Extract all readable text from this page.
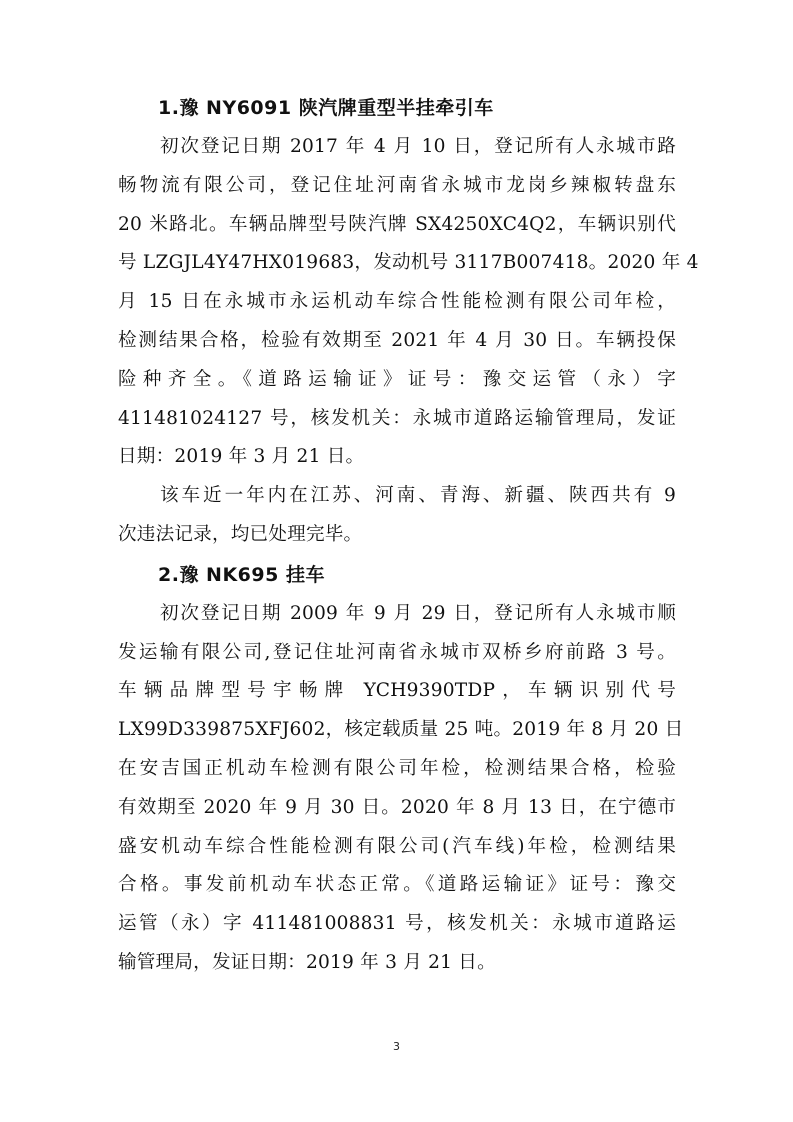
1.豫 NY6091 陕汽牌重型半挂牵引车
初次登记日期 2017 年 4 月 10 日，登记所有人永城市路
畅物流有限公司，登记住址河南省永城市龙岗乡辣椒转盘东
20 米路北。车辆品牌型号陕汽牌 SX4250XC4Q2，车辆识别代
号 LZGJL4Y47HX019683，发动机号 3117B007418。2020 年 4
月 15 日在永城市永运机动车综合性能检测有限公司年检，
检测结果合格，检验有效期至 2021 年 4 月 30 日。车辆投保
险种齐全。《道路运输证》证号：豫交运管（永）字
411481024127 号，核发机关：永城市道路运输管理局，发证
日期：2019 年 3 月 21 日。
该车近一年内在江苏、河南、青海、新疆、陕西共有 9
次违法记录，均已处理完毕。
2.豫 NK695 挂车
初次登记日期 2009 年 9 月 29 日，登记所有人永城市顺
发运输有限公司,登记住址河南省永城市双桥乡府前路 3 号。
车辆品牌型号宇畅牌 YCH9390TDP，车辆识别代号
LX99D339875XFJ602，核定载质量 25 吨。2019 年 8 月 20 日
在安吉国正机动车检测有限公司年检，检测结果合格，检验
有效期至 2020 年 9 月 30 日。2020 年 8 月 13 日，在宁德市
盛安机动车综合性能检测有限公司(汽车线)年检，检测结果
合格。事发前机动车状态正常。《道路运输证》证号：豫交
运管（永）字 411481008831 号，核发机关：永城市道路运
输管理局，发证日期：2019 年 3 月 21 日。
3
